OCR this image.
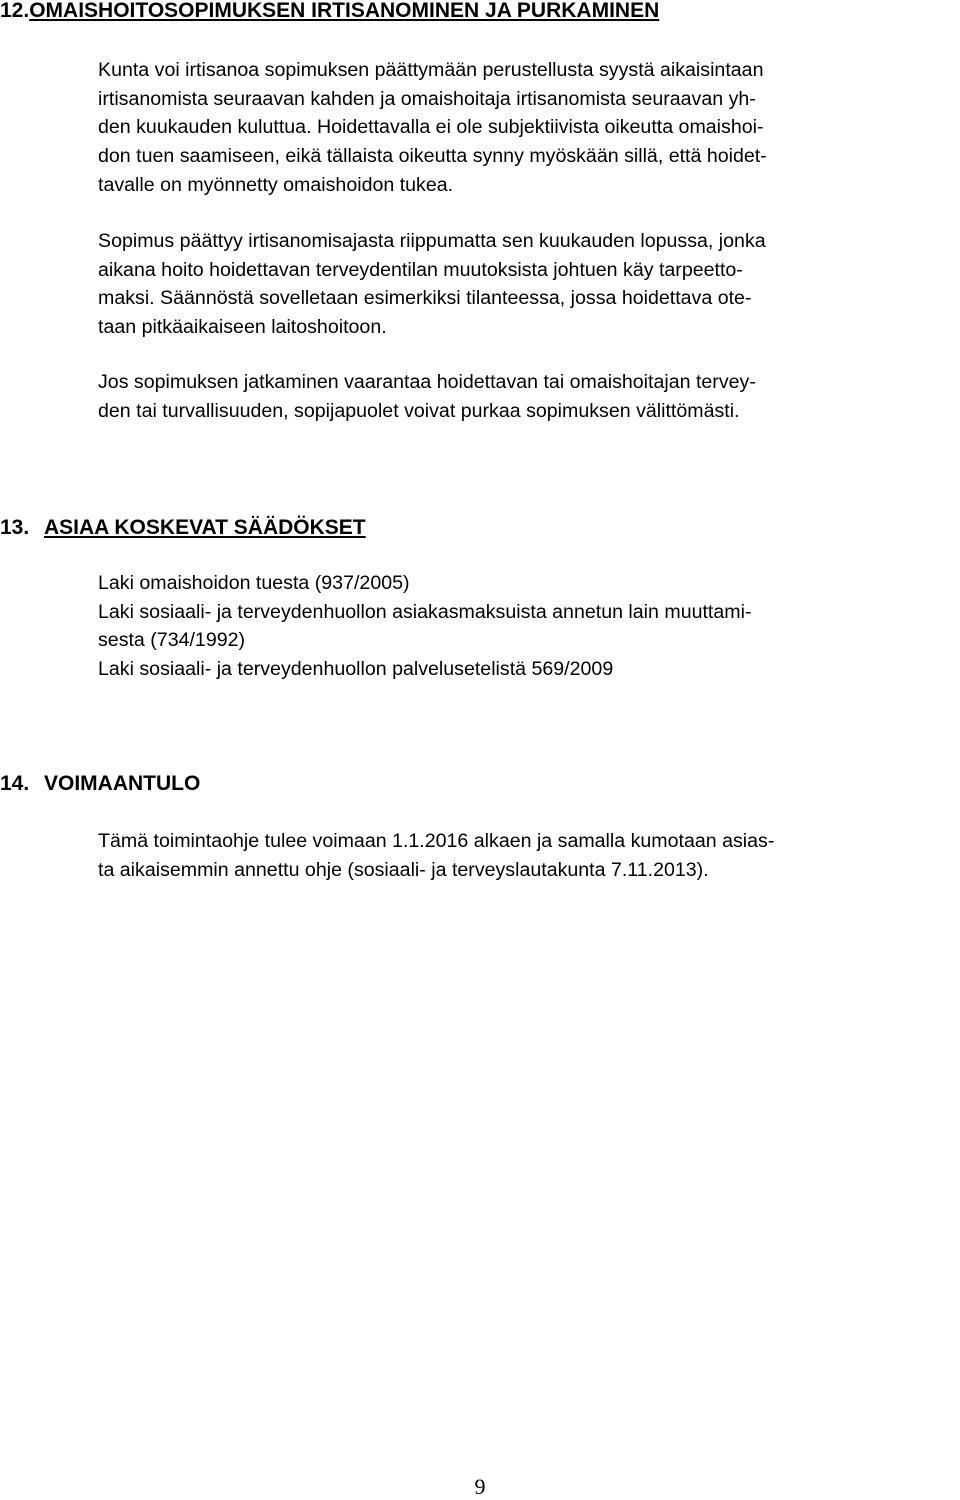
12.OMAISHOITOSOPIMUKSEN IRTISANOMINEN JA PURKAMINEN
Kunta voi irtisanoa sopimuksen päättymään perustellusta syystä aikaisintaan
irtisanomista seuraavan kahden ja omaishoitaja irtisanomista seuraavan yh-
den kuukauden kuluttua. Hoidettavalla ei ole subjektiivista oikeutta omaishoi-
don tuen saamiseen, eikä tällaista oikeutta synny myöskään sillä, että hoidet-
tavalle on myönnetty omaishoidon tukea.
Sopimus päättyy irtisanomisajasta riippumatta sen kuukauden lopussa, jonka
aikana hoito hoidettavan terveydentilan muutoksista johtuen käy tarpeetto-
maksi. Säännöstä sovelletaan esimerkiksi tilanteessa, jossa hoidettava ote-
taan pitkäaikaiseen laitoshoitoon.
Jos sopimuksen jatkaminen vaarantaa hoidettavan tai omaishoitajan tervey-
den tai turvallisuuden, sopijapuolet voivat purkaa sopimuksen välittömästi.
13. ASIAA KOSKEVAT SÄÄDÖKSET
Laki omaishoidon tuesta (937/2005)
Laki sosiaali- ja terveydenhuollon asiakasmaksuista annetun lain muuttami-
sesta (734/1992)
Laki sosiaali- ja terveydenhuollon palvelusetelistä 569/2009
14. VOIMAANTULO
Tämä toimintaohje tulee voimaan 1.1.2016 alkaen ja samalla kumotaan asias-
ta aikaisemmin annettu ohje (sosiaali- ja terveyslautakunta 7.11.2013).
9
